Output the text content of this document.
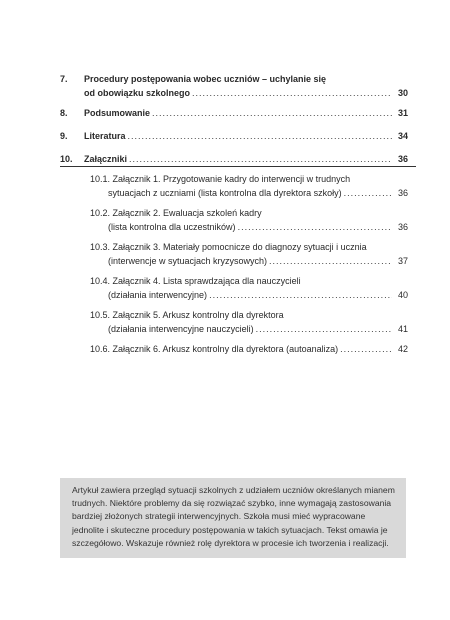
7.	Procedury postępowania wobec uczniów – uchylanie się
od obowiązku szkolnego .....	30
8.	Podsumowanie .....	31
9.	Literatura .....	34
10.	Załączniki .....	36
10.1. Załącznik 1. Przygotowanie kadry do interwencji w trudnych
sytuacjach z uczniami (lista kontrolna dla dyrektora szkoły) .....	36
10.2. Załącznik 2. Ewaluacja szkoleń kadry
(lista kontrolna dla uczestników) .....	36
10.3. Załącznik 3. Materiały pomocnicze do diagnozy sytuacji i ucznia
(interwencje w sytuacjach kryzysowych) .....	37
10.4. Załącznik 4. Lista sprawdzająca dla nauczycieli
(działania interwencyjne) .....	40
10.5. Załącznik 5. Arkusz kontrolny dla dyrektora
(działania interwencyjne nauczycieli) .....	41
10.6. Załącznik 6. Arkusz kontrolny dla dyrektora (autoanaliza) .....	42
Artykuł zawiera przegląd sytuacji szkolnych z udziałem uczniów określanych mianem trudnych. Niektóre problemy da się rozwiązać szybko, inne wymagają zastosowania bardziej złożonych strategii interwencyjnych. Szkoła musi mieć wypracowane jednolite i skuteczne procedury postępowania w takich sytuacjach. Tekst omawia je szczegółowo. Wskazuje również rolę dyrektora w procesie ich tworzenia i realizacji.
